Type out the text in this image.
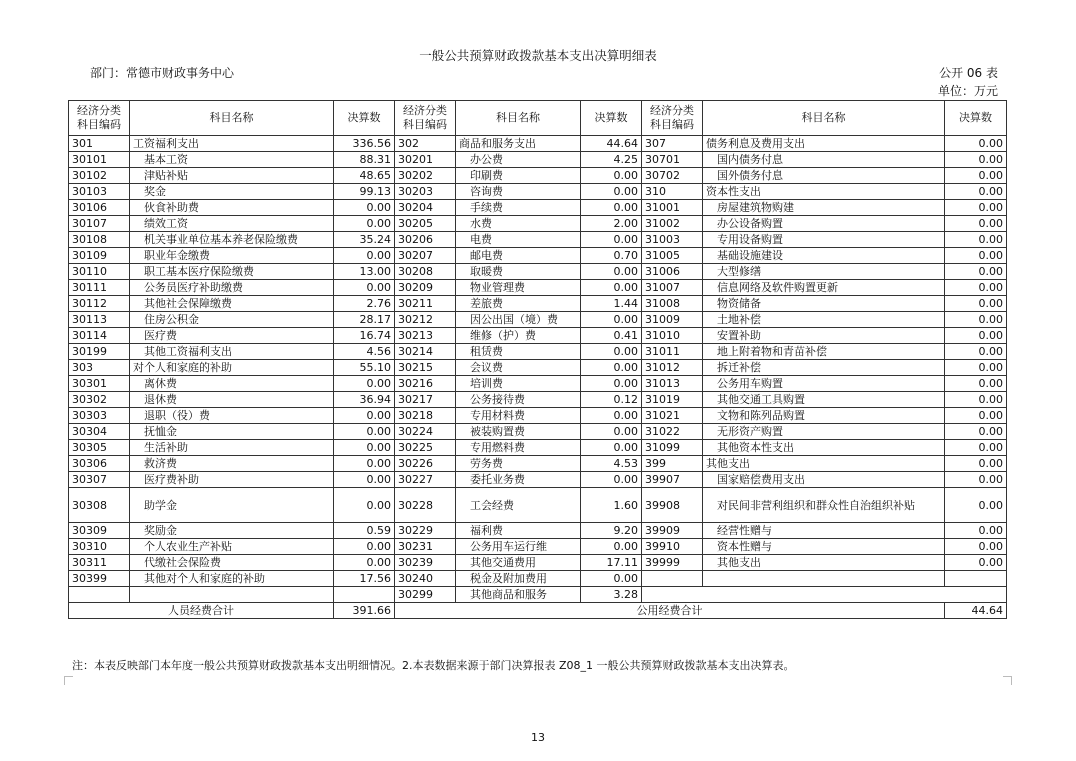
一般公共预算财政拨款基本支出决算明细表
部门：常德市财政事务中心	公开 06 表
单位：万元
经济分类科目编码	科目名称	决算数	经济分类科目编码	科目名称	决算数	经济分类科目编码	科目名称	决算数
301	工资福利支出	336.56	302	商品和服务支出	44.64	307	债务利息及费用支出	0.00
30101	基本工资	88.31	30201	办公费	4.25	30701	国内债务付息	0.00
30102	津贴补贴	48.65	30202	印刷费	0.00	30702	国外债务付息	0.00
30103	奖金	99.13	30203	咨询费	0.00	310	资本性支出	0.00
30106	伙食补助费	0.00	30204	手续费	0.00	31001	房屋建筑物购建	0.00
30107	绩效工资	0.00	30205	水费	2.00	31002	办公设备购置	0.00
30108	机关事业单位基本养老保险缴费	35.24	30206	电费	0.00	31003	专用设备购置	0.00
30109	职业年金缴费	0.00	30207	邮电费	0.70	31005	基础设施建设	0.00
30110	职工基本医疗保险缴费	13.00	30208	取暖费	0.00	31006	大型修缮	0.00
30111	公务员医疗补助缴费	0.00	30209	物业管理费	0.00	31007	信息网络及软件购置更新	0.00
30112	其他社会保障缴费	2.76	30211	差旅费	1.44	31008	物资储备	0.00
30113	住房公积金	28.17	30212	因公出国（境）费	0.00	31009	土地补偿	0.00
30114	医疗费	16.74	30213	维修（护）费	0.41	31010	安置补助	0.00
30199	其他工资福利支出	4.56	30214	租赁费	0.00	31011	地上附着物和青苗补偿	0.00
303	对个人和家庭的补助	55.10	30215	会议费	0.00	31012	拆迁补偿	0.00
30301	离休费	0.00	30216	培训费	0.00	31013	公务用车购置	0.00
30302	退休费	36.94	30217	公务接待费	0.12	31019	其他交通工具购置	0.00
30303	退职（役）费	0.00	30218	专用材料费	0.00	31021	文物和陈列品购置	0.00
30304	抚恤金	0.00	30224	被装购置费	0.00	31022	无形资产购置	0.00
30305	生活补助	0.00	30225	专用燃料费	0.00	31099	其他资本性支出	0.00
30306	救济费	0.00	30226	劳务费	4.53	399	其他支出	0.00
30307	医疗费补助	0.00	30227	委托业务费	0.00	39907	国家赔偿费用支出	0.00
30308	助学金	0.00	30228	工会经费	1.60	39908	对民间非营利组织和群众性自治组织补贴	0.00
30309	奖励金	0.59	30229	福利费	9.20	39909	经营性赠与	0.00
30310	个人农业生产补贴	0.00	30231	公务用车运行维	0.00	39910	资本性赠与	0.00
30311	代缴社会保险费	0.00	30239	其他交通费用	17.11	39999	其他支出	0.00
30399	其他对个人和家庭的补助	17.56	30240	税金及附加费用	0.00			
			30299	其他商品和服务	3.28			
人员经费合计		391.66	公用经费合计					44.64
注：本表反映部门本年度一般公共预算财政拨款基本支出明细情况。2.本表数据来源于部门决算报表 Z08_1 一般公共预算财政拨款基本支出决算表。
13
